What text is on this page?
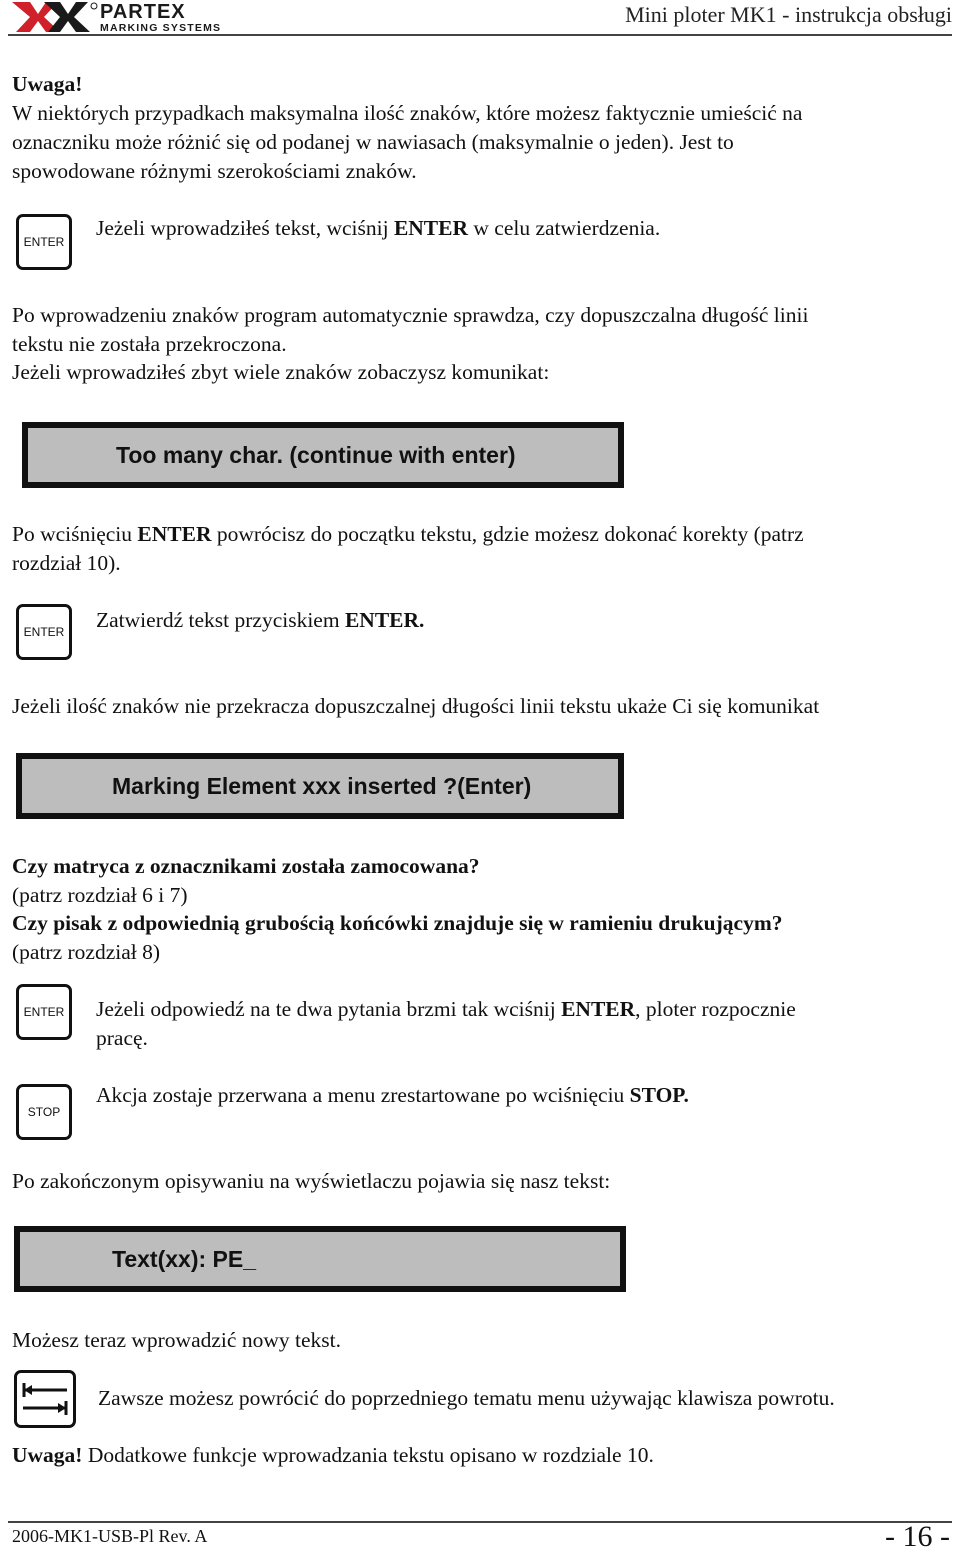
PARTEX
MARKING SYSTEMS
Mini ploter MK1 - instrukcja obsługi
Uwaga!
W niektórych przypadkach maksymalna ilość znaków, które możesz faktycznie umieścić na
oznaczniku może różnić się od podanej w nawiasach (maksymalnie o jeden). Jest to
spowodowane różnymi szerokościami znaków.
ENTER
Jeżeli wprowadziłeś tekst, wciśnij ENTER w celu zatwierdzenia.
Po wprowadzeniu znaków program automatycznie sprawdza, czy dopuszczalna długość linii
tekstu nie została przekroczona.
Jeżeli wprowadziłeś zbyt wiele znaków zobaczysz komunikat:
Too many char. (continue with enter)
Po wciśnięciu ENTER powrócisz do początku tekstu, gdzie możesz dokonać korekty (patrz
rozdział 10).
ENTER Zatwierdź tekst przyciskiem ENTER.
Jeżeli ilość znaków nie przekracza dopuszczalnej długości linii tekstu ukaże Ci się komunikat
Marking Element xxx inserted ?(Enter)
Czy matryca z oznacznikami została zamocowana?
(patrz rozdział 6 i 7)
Czy pisak z odpowiednią grubością końcówki znajduje się w ramieniu drukującym?
(patrz rozdział 8)
ENTER Jeżeli odpowiedź na te dwa pytania brzmi tak wciśnij ENTER, ploter rozpocznie
pracę.
STOP
Akcja zostaje przerwana a menu zrestartowane po wciśnięciu STOP.
Po zakończonym opisywaniu na wyświetlaczu pojawia się nasz tekst:
Text(xx): PE_
Możesz teraz wprowadzić nowy tekst.
Zawsze możesz powrócić do poprzedniego tematu menu używając klawisza powrotu.
Uwaga! Dodatkowe funkcje wprowadzania tekstu opisano w rozdziale 10.
2006-MK1-USB-Pl Rev. A	- 16 -
